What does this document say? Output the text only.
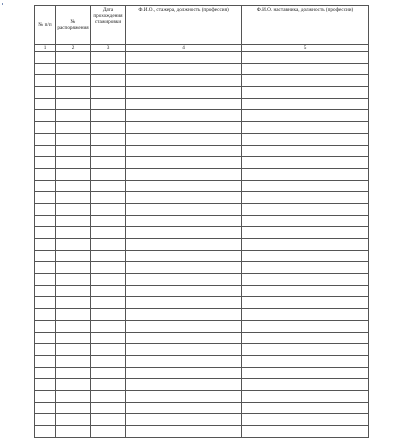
№ п/п	№ распоряжения	Дата прохождения стажировки	Ф.И.О., стажера, должность (профессия)	Ф.И.О. наставника, должность (профессии)
1	2	3	4	5
